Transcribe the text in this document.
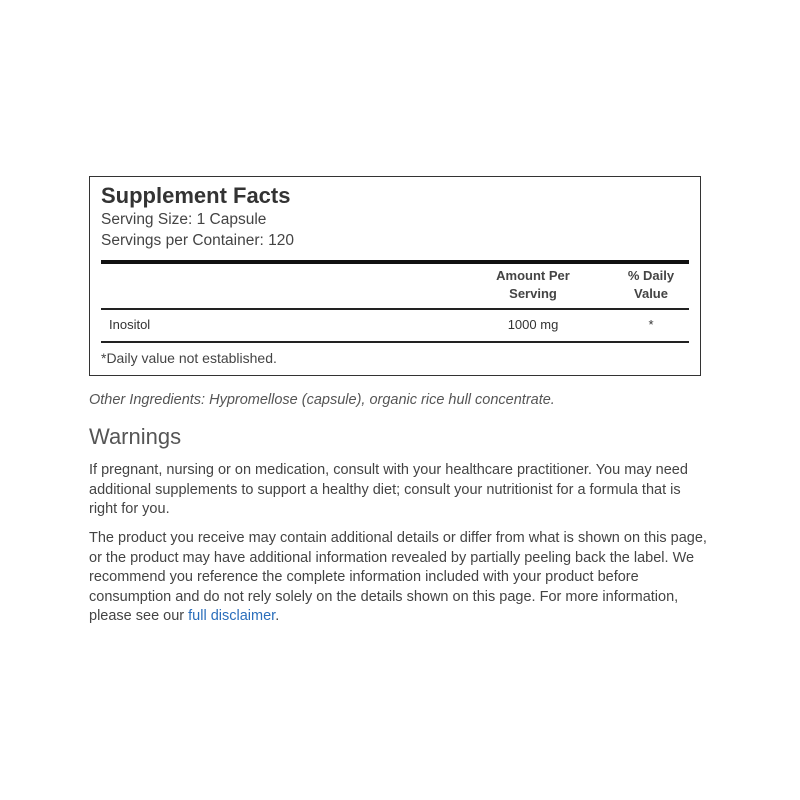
Supplement Facts
Serving Size: 1 Capsule
Servings per Container: 120
Amount Per
Serving
% Daily
Value
Inositol	1000 mg	*
*Daily value not established.
Other Ingredients: Hypromellose (capsule), organic rice hull concentrate.
Warnings

If pregnant, nursing or on medication, consult with your healthcare practitioner. You may need additional supplements to support a healthy diet; consult your nutritionist for a formula that is right for you.

The product you receive may contain additional details or differ from what is shown on this page, or the product may have additional information revealed by partially peeling back the label. We recommend you reference the complete information included with your product before consumption and do not rely solely on the details shown on this page. For more information, please see our full disclaimer.
